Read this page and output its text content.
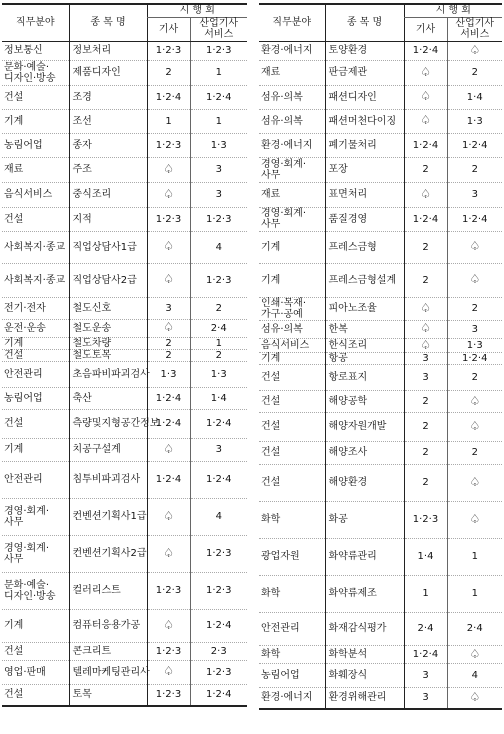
직무분야	종 목 명	시 행 회	
		기사	산업기사
서비스
정보통신	정보처리	1·2·3	1·2·3
문화·예술·디자인·방송	제품디자인	2	1
건설	조경	1·2·4	1·2·4
기계	조선	1	1
농림어업	종자	1·2·3	1·3
재료	주조	♤	3
음식서비스	중식조리	♤	3
건설	지적	1·2·3	1·2·3
사회복지·종교	직업상담사1급	♤	4
사회복지·종교	직업상담사2급	♤	1·2·3
전기·전자	철도신호	3	2
운전·운송	철도운송	♤	2·4
기계	철도차량	2	1
건설	철도토목	2	2
안전관리	초음파비파괴검사	1·3	1·3
농림어업	축산	1·2·4	1·4
건설	측량및지형공간정보	1·2·4	1·2·4
기계	치공구설계	♤	3
안전관리	침투비파괴검사	1·2·4	1·2·4
경영·회계·사무	컨벤션기획사1급	♤	4
경영·회계·사무	컨벤션기획사2급	♤	1·2·3
문화·예술·디자인·방송	컬러리스트	1·2·3	1·2·3
기계	컴퓨터응용가공	♤	1·2·4
건설	콘크리트	1·2·3	2·3
영업·판매	텔레마케팅관리사	♤	1·2·3
건설	토목	1·2·3	1·2·4
직무분야	종 목 명	시 행 회	
		기사	산업기사
서비스
환경·에너지	토양환경	1·2·4	♤
재료	판금제관	♤	2
섬유·의복	패션디자인	♤	1·4
섬유·의복	패션머천다이징	♤	1·3
환경·에너지	폐기물처리	1·2·4	1·2·4
경영·회계·사무	포장	2	2
재료	표면처리	♤	3
경영·회계·사무	품질경영	1·2·4	1·2·4
기계	프레스금형	2	♤
기계	프레스금형설계	2	♤
인쇄·목재·가구·공예	피아노조율	♤	2
섬유·의복	한복	♤	3
음식서비스	한식조리	♤	1·3
기계	항공	3	1·2·4
건설	항로표지	3	2
건설	해양공학	2	♤
건설	해양자원개발	2	♤
건설	해양조사	2	2
건설	해양환경	2	♤
화학	화공	1·2·3	♤
광업자원	화약류관리	1·4	1
화학	화약류제조	1	1
안전관리	화재감식평가	2·4	2·4
화학	화학분석	1·2·4	♤
농림어업	화훼장식	3	4
환경·에너지	환경위해관리	3	♤
